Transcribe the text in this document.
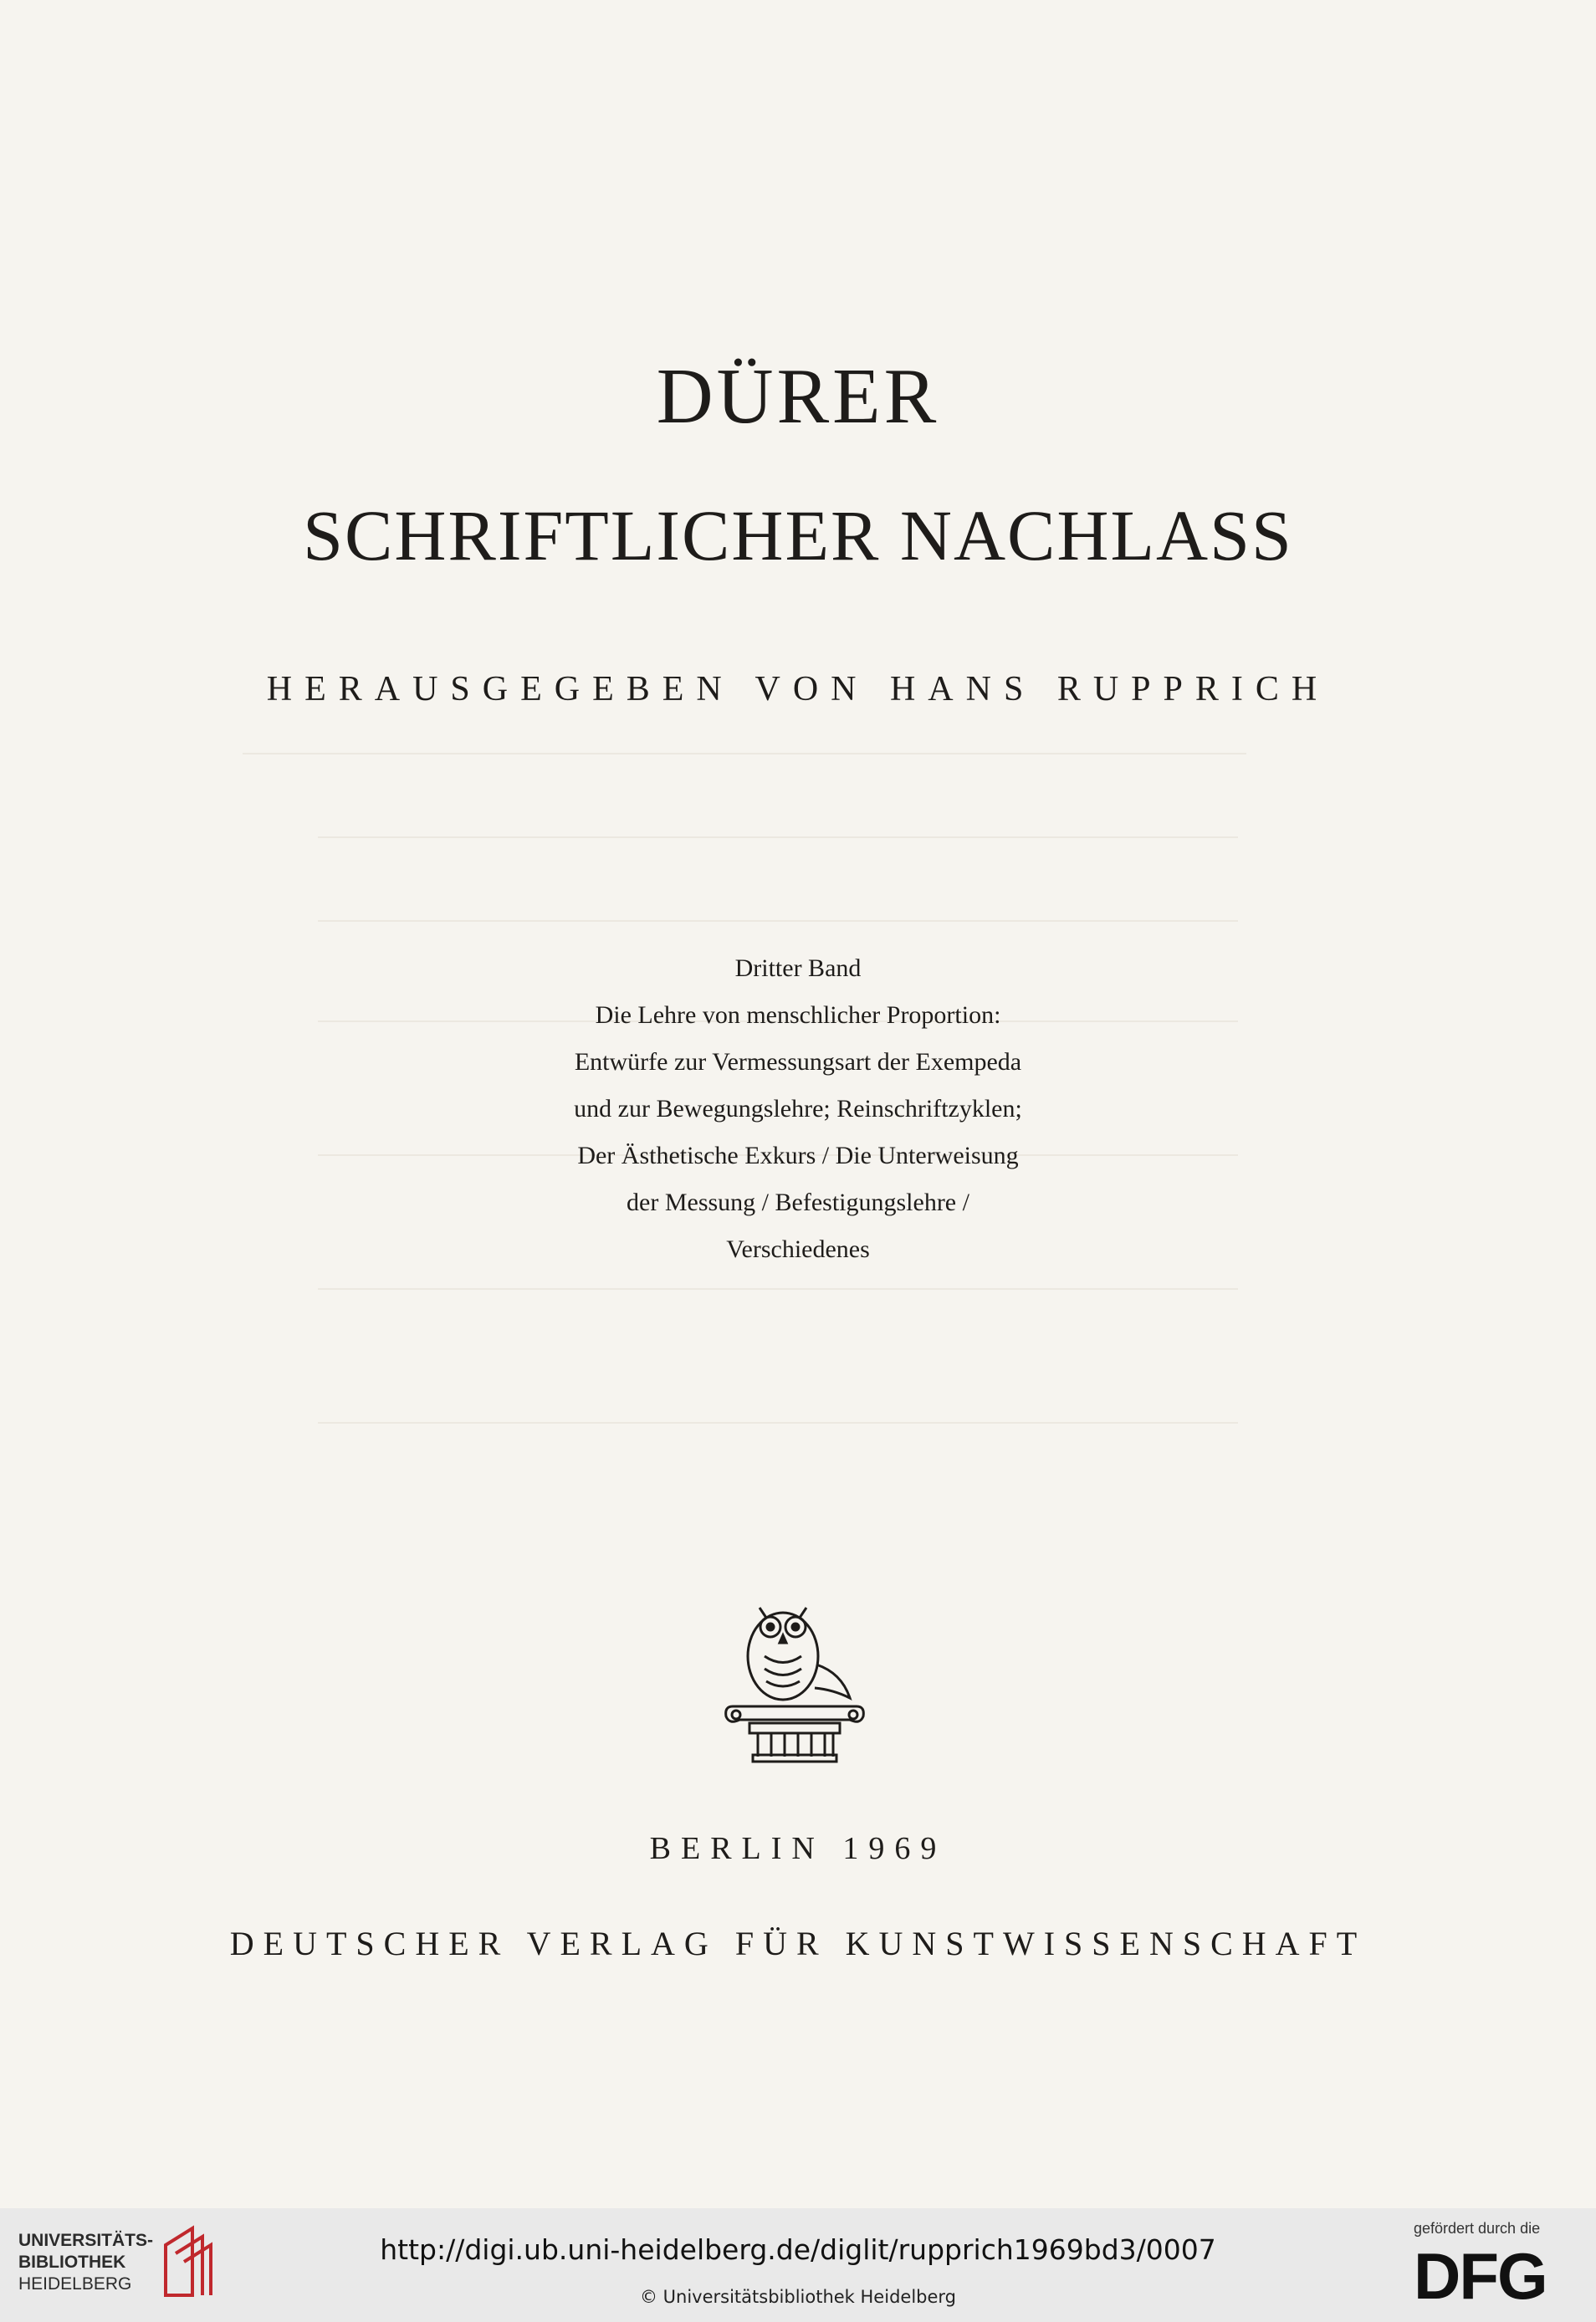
DÜRER
SCHRIFTLICHER NACHLASS
HERAUSGEGEBEN VON HANS RUPPRICH
Dritter Band
Die Lehre von menschlicher Proportion:
Entwürfe zur Vermessungsart der Exempeda
und zur Bewegungslehre; Reinschriftzyklen;
Der Ästhetische Exkurs / Die Unterweisung
der Messung / Befestigungslehre /
Verschiedenes
BERLIN 1969
DEUTSCHER VERLAG FÜR KUNSTWISSENSCHAFT
UNIVERSITÄTS-
BIBLIOTHEK
HEIDELBERG
http://digi.ub.uni-heidelberg.de/diglit/rupprich1969bd3/0007
© Universitätsbibliothek Heidelberg
gefördert durch die
DFG
